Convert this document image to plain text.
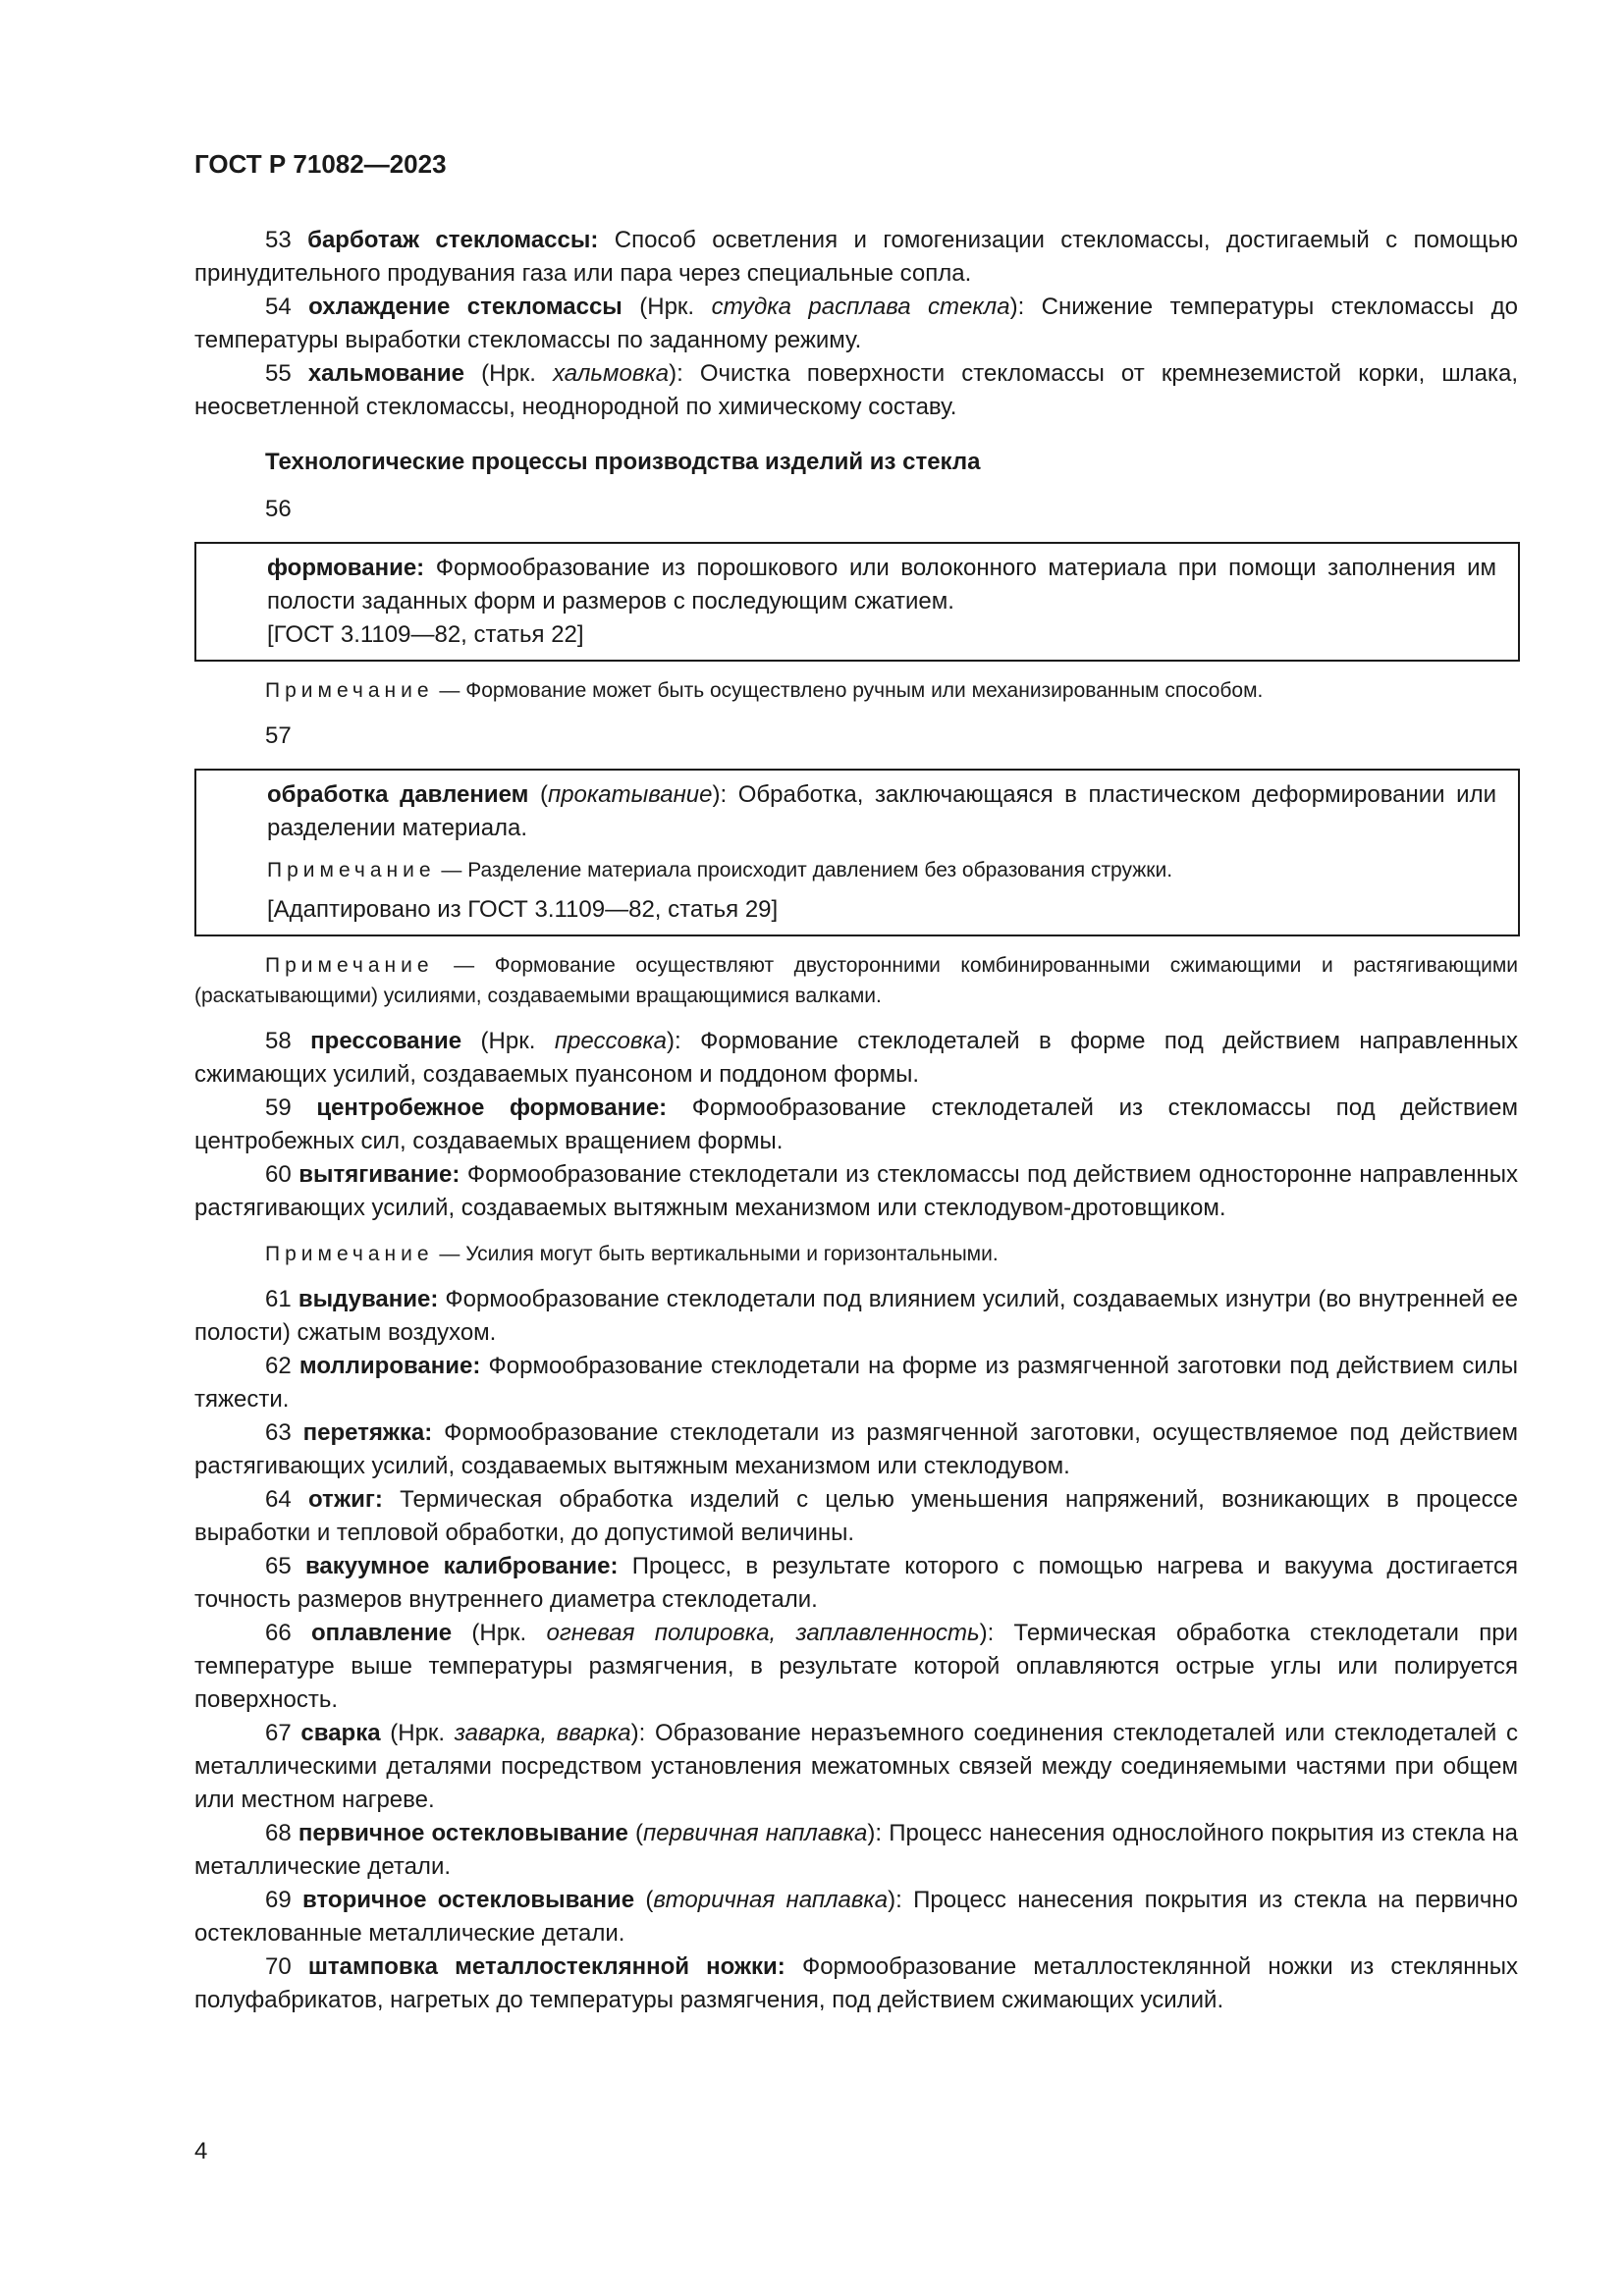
ГОСТ Р 71082—2023

53 барботаж стекломассы: Способ осветления и гомогенизации стекломассы, достигаемый с помощью принудительного продувания газа или пара через специальные сопла.

54 охлаждение стекломассы (Нрк. студка расплава стекла): Снижение температуры стекломассы до температуры выработки стекломассы по заданному режиму.

55 хальмование (Нрк. хальмовка): Очистка поверхности стекломассы от кремнеземистой корки, шлака, неосветленной стекломассы, неоднородной по химическому составу.

Технологические процессы производства изделий из стекла

56

формование: Формообразование из порошкового или волоконного материала при помощи заполнения им полости заданных форм и размеров с последующим сжатием.

[ГОСТ 3.1109—82, статья 22]

Примечание — Формование может быть осуществлено ручным или механизированным способом.

57

обработка давлением (прокатывание): Обработка, заключающаяся в пластическом деформировании или разделении материала.

Примечание — Разделение материала происходит давлением без образования стружки.

[Адаптировано из ГОСТ 3.1109—82, статья 29]

Примечание — Формование осуществляют двусторонними комбинированными сжимающими и растягивающими (раскатывающими) усилиями, создаваемыми вращающимися валками.

58 прессование (Нрк. прессовка): Формование стеклодеталей в форме под действием направленных сжимающих усилий, создаваемых пуансоном и поддоном формы.

59 центробежное формование: Формообразование стеклодеталей из стекломассы под действием центробежных сил, создаваемых вращением формы.

60 вытягивание: Формообразование стеклодетали из стекломассы под действием односторонне направленных растягивающих усилий, создаваемых вытяжным механизмом или стеклодувом-дротовщиком.

Примечание — Усилия могут быть вертикальными и горизонтальными.

61 выдувание: Формообразование стеклодетали под влиянием усилий, создаваемых изнутри (во внутренней ее полости) сжатым воздухом.

62 моллирование: Формообразование стеклодетали на форме из размягченной заготовки под действием силы тяжести.

63 перетяжка: Формообразование стеклодетали из размягченной заготовки, осуществляемое под действием растягивающих усилий, создаваемых вытяжным механизмом или стеклодувом.

64 отжиг: Термическая обработка изделий с целью уменьшения напряжений, возникающих в процессе выработки и тепловой обработки, до допустимой величины.

65 вакуумное калибрование: Процесс, в результате которого с помощью нагрева и вакуума достигается точность размеров внутреннего диаметра стеклодетали.

66 оплавление (Нрк. огневая полировка, заплавленность): Термическая обработка стеклодетали при температуре выше температуры размягчения, в результате которой оплавляются острые углы или полируется поверхность.

67 сварка (Нрк. заварка, вварка): Образование неразъемного соединения стеклодеталей или стеклодеталей с металлическими деталями посредством установления межатомных связей между соединяемыми частями при общем или местном нагреве.

68 первичное остекловывание (первичная наплавка): Процесс нанесения однослойного покрытия из стекла на металлические детали.

69 вторичное остекловывание (вторичная наплавка): Процесс нанесения покрытия из стекла на первично остеклованные металлические детали.

70 штамповка металлостеклянной ножки: Формообразование металлостеклянной ножки из стеклянных полуфабрикатов, нагретых до температуры размягчения, под действием сжимающих усилий.

4
